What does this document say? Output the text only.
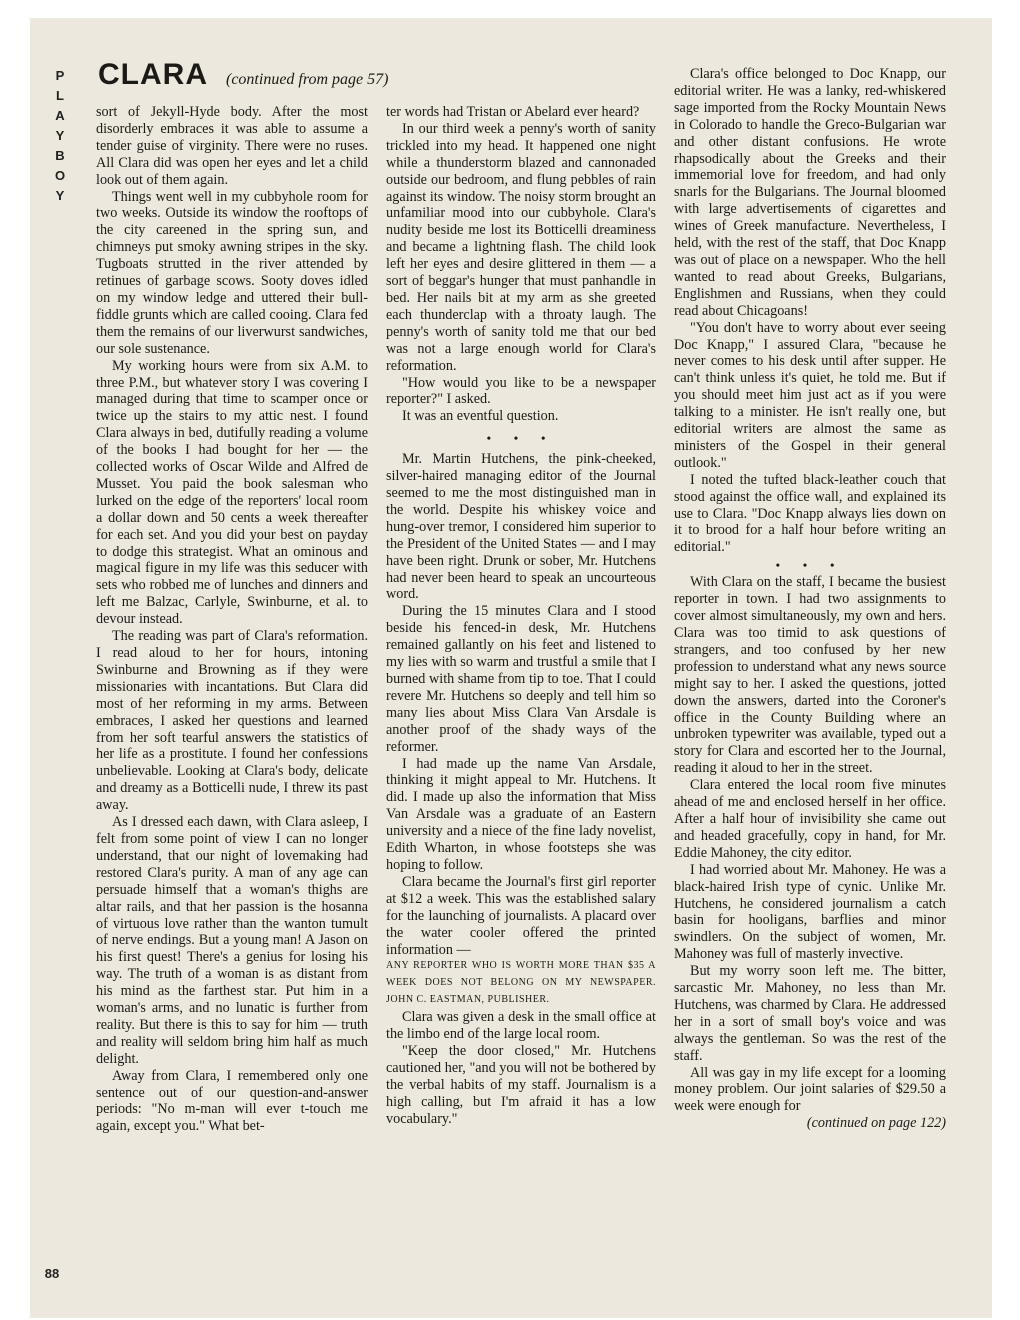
P
L
A
Y
B
O
Y
CLARA (continued from page 57)

sort of Jekyll-Hyde body. After the most disorderly embraces it was able to assume a tender guise of virginity. There were no ruses. All Clara did was open her eyes and let a child look out of them again.

Things went well in my cubbyhole room for two weeks. Outside its window the rooftops of the city careened in the spring sun, and chimneys put smoky awning stripes in the sky. Tugboats strutted in the river attended by retinues of garbage scows. Sooty doves idled on my window ledge and uttered their bull-fiddle grunts which are called cooing. Clara fed them the remains of our liverwurst sandwiches, our sole sustenance.

My working hours were from six A.M. to three P.M., but whatever story I was covering I managed during that time to scamper once or twice up the stairs to my attic nest. I found Clara always in bed, dutifully reading a volume of the books I had bought for her — the collected works of Oscar Wilde and Alfred de Musset. You paid the book salesman who lurked on the edge of the reporters' local room a dollar down and 50 cents a week thereafter for each set. And you did your best on payday to dodge this strategist. What an ominous and magical figure in my life was this seducer with sets who robbed me of lunches and dinners and left me Balzac, Carlyle, Swinburne, et al. to devour instead.

The reading was part of Clara's reformation. I read aloud to her for hours, intoning Swinburne and Browning as if they were missionaries with incantations. But Clara did most of her reforming in my arms. Between embraces, I asked her questions and learned from her soft tearful answers the statistics of her life as a prostitute. I found her confessions unbelievable. Looking at Clara's body, delicate and dreamy as a Botticelli nude, I threw its past away.

As I dressed each dawn, with Clara asleep, I felt from some point of view I can no longer understand, that our night of lovemaking had restored Clara's purity. A man of any age can persuade himself that a woman's thighs are altar rails, and that her passion is the hosanna of virtuous love rather than the wanton tumult of nerve endings. But a young man! A Jason on his first quest! There's a genius for losing his way. The truth of a woman is as distant from his mind as the farthest star. Put him in a woman's arms, and no lunatic is further from reality. But there is this to say for him — truth and reality will seldom bring him half as much delight.

Away from Clara, I remembered only one sentence out of our question-and-answer periods: "No m-man will ever t-touch me again, except you." What bet-

ter words had Tristan or Abelard ever heard?

In our third week a penny's worth of sanity trickled into my head. It happened one night while a thunderstorm blazed and cannonaded outside our bedroom, and flung pebbles of rain against its window. The noisy storm brought an unfamiliar mood into our cubbyhole. Clara's nudity beside me lost its Botticelli dreaminess and became a lightning flash. The child look left her eyes and desire glittered in them — a sort of beggar's hunger that must panhandle in bed. Her nails bit at my arm as she greeted each thunderclap with a throaty laugh. The penny's worth of sanity told me that our bed was not a large enough world for Clara's reformation.

"How would you like to be a newspaper reporter?" I asked.

It was an eventful question.

• • •

Mr. Martin Hutchens, the pink-cheeked, silver-haired managing editor of the Journal seemed to me the most distinguished man in the world. Despite his whiskey voice and hung-over tremor, I considered him superior to the President of the United States — and I may have been right. Drunk or sober, Mr. Hutchens had never been heard to speak an uncourteous word.

During the 15 minutes Clara and I stood beside his fenced-in desk, Mr. Hutchens remained gallantly on his feet and listened to my lies with so warm and trustful a smile that I burned with shame from tip to toe. That I could revere Mr. Hutchens so deeply and tell him so many lies about Miss Clara Van Arsdale is another proof of the shady ways of the reformer.

I had made up the name Van Arsdale, thinking it might appeal to Mr. Hutchens. It did. I made up also the information that Miss Van Arsdale was a graduate of an Eastern university and a niece of the fine lady novelist, Edith Wharton, in whose footsteps she was hoping to follow.

Clara became the Journal's first girl reporter at $12 a week. This was the established salary for the launching of journalists. A placard over the water cooler offered the printed information —

ANY REPORTER WHO IS WORTH MORE THAN $35 A WEEK DOES NOT BELONG ON MY NEWSPAPER. JOHN C. EASTMAN, PUBLISHER.

Clara was given a desk in the small office at the limbo end of the large local room.

"Keep the door closed," Mr. Hutchens cautioned her, "and you will not be bothered by the verbal habits of my staff. Journalism is a high calling, but I'm afraid it has a low vocabulary."

Clara's office belonged to Doc Knapp, our editorial writer. He was a lanky, red-whiskered sage imported from the Rocky Mountain News in Colorado to handle the Greco-Bulgarian war and other distant confusions. He wrote rhapsodically about the Greeks and their immemorial love for freedom, and had only snarls for the Bulgarians. The Journal bloomed with large advertisements of cigarettes and wines of Greek manufacture. Nevertheless, I held, with the rest of the staff, that Doc Knapp was out of place on a newspaper. Who the hell wanted to read about Greeks, Bulgarians, Englishmen and Russians, when they could read about Chicagoans!

"You don't have to worry about ever seeing Doc Knapp," I assured Clara, "because he never comes to his desk until after supper. He can't think unless it's quiet, he told me. But if you should meet him just act as if you were talking to a minister. He isn't really one, but editorial writers are almost the same as ministers of the Gospel in their general outlook."

I noted the tufted black-leather couch that stood against the office wall, and explained its use to Clara. "Doc Knapp always lies down on it to brood for a half hour before writing an editorial."

• • •

With Clara on the staff, I became the busiest reporter in town. I had two assignments to cover almost simultaneously, my own and hers. Clara was too timid to ask questions of strangers, and too confused by her new profession to understand what any news source might say to her. I asked the questions, jotted down the answers, darted into the Coroner's office in the County Building where an unbroken typewriter was available, typed out a story for Clara and escorted her to the Journal, reading it aloud to her in the street.

Clara entered the local room five minutes ahead of me and enclosed herself in her office. After a half hour of invisibility she came out and headed gracefully, copy in hand, for Mr. Eddie Mahoney, the city editor.

I had worried about Mr. Mahoney. He was a black-haired Irish type of cynic. Unlike Mr. Hutchens, he considered journalism a catch basin for hooligans, barflies and minor swindlers. On the subject of women, Mr. Mahoney was full of masterly invective.

But my worry soon left me. The bitter, sarcastic Mr. Mahoney, no less than Mr. Hutchens, was charmed by Clara. He addressed her in a sort of small boy's voice and was always the gentleman. So was the rest of the staff.

All was gay in my life except for a looming money problem. Our joint salaries of $29.50 a week were enough for

(continued on page 122)

88
